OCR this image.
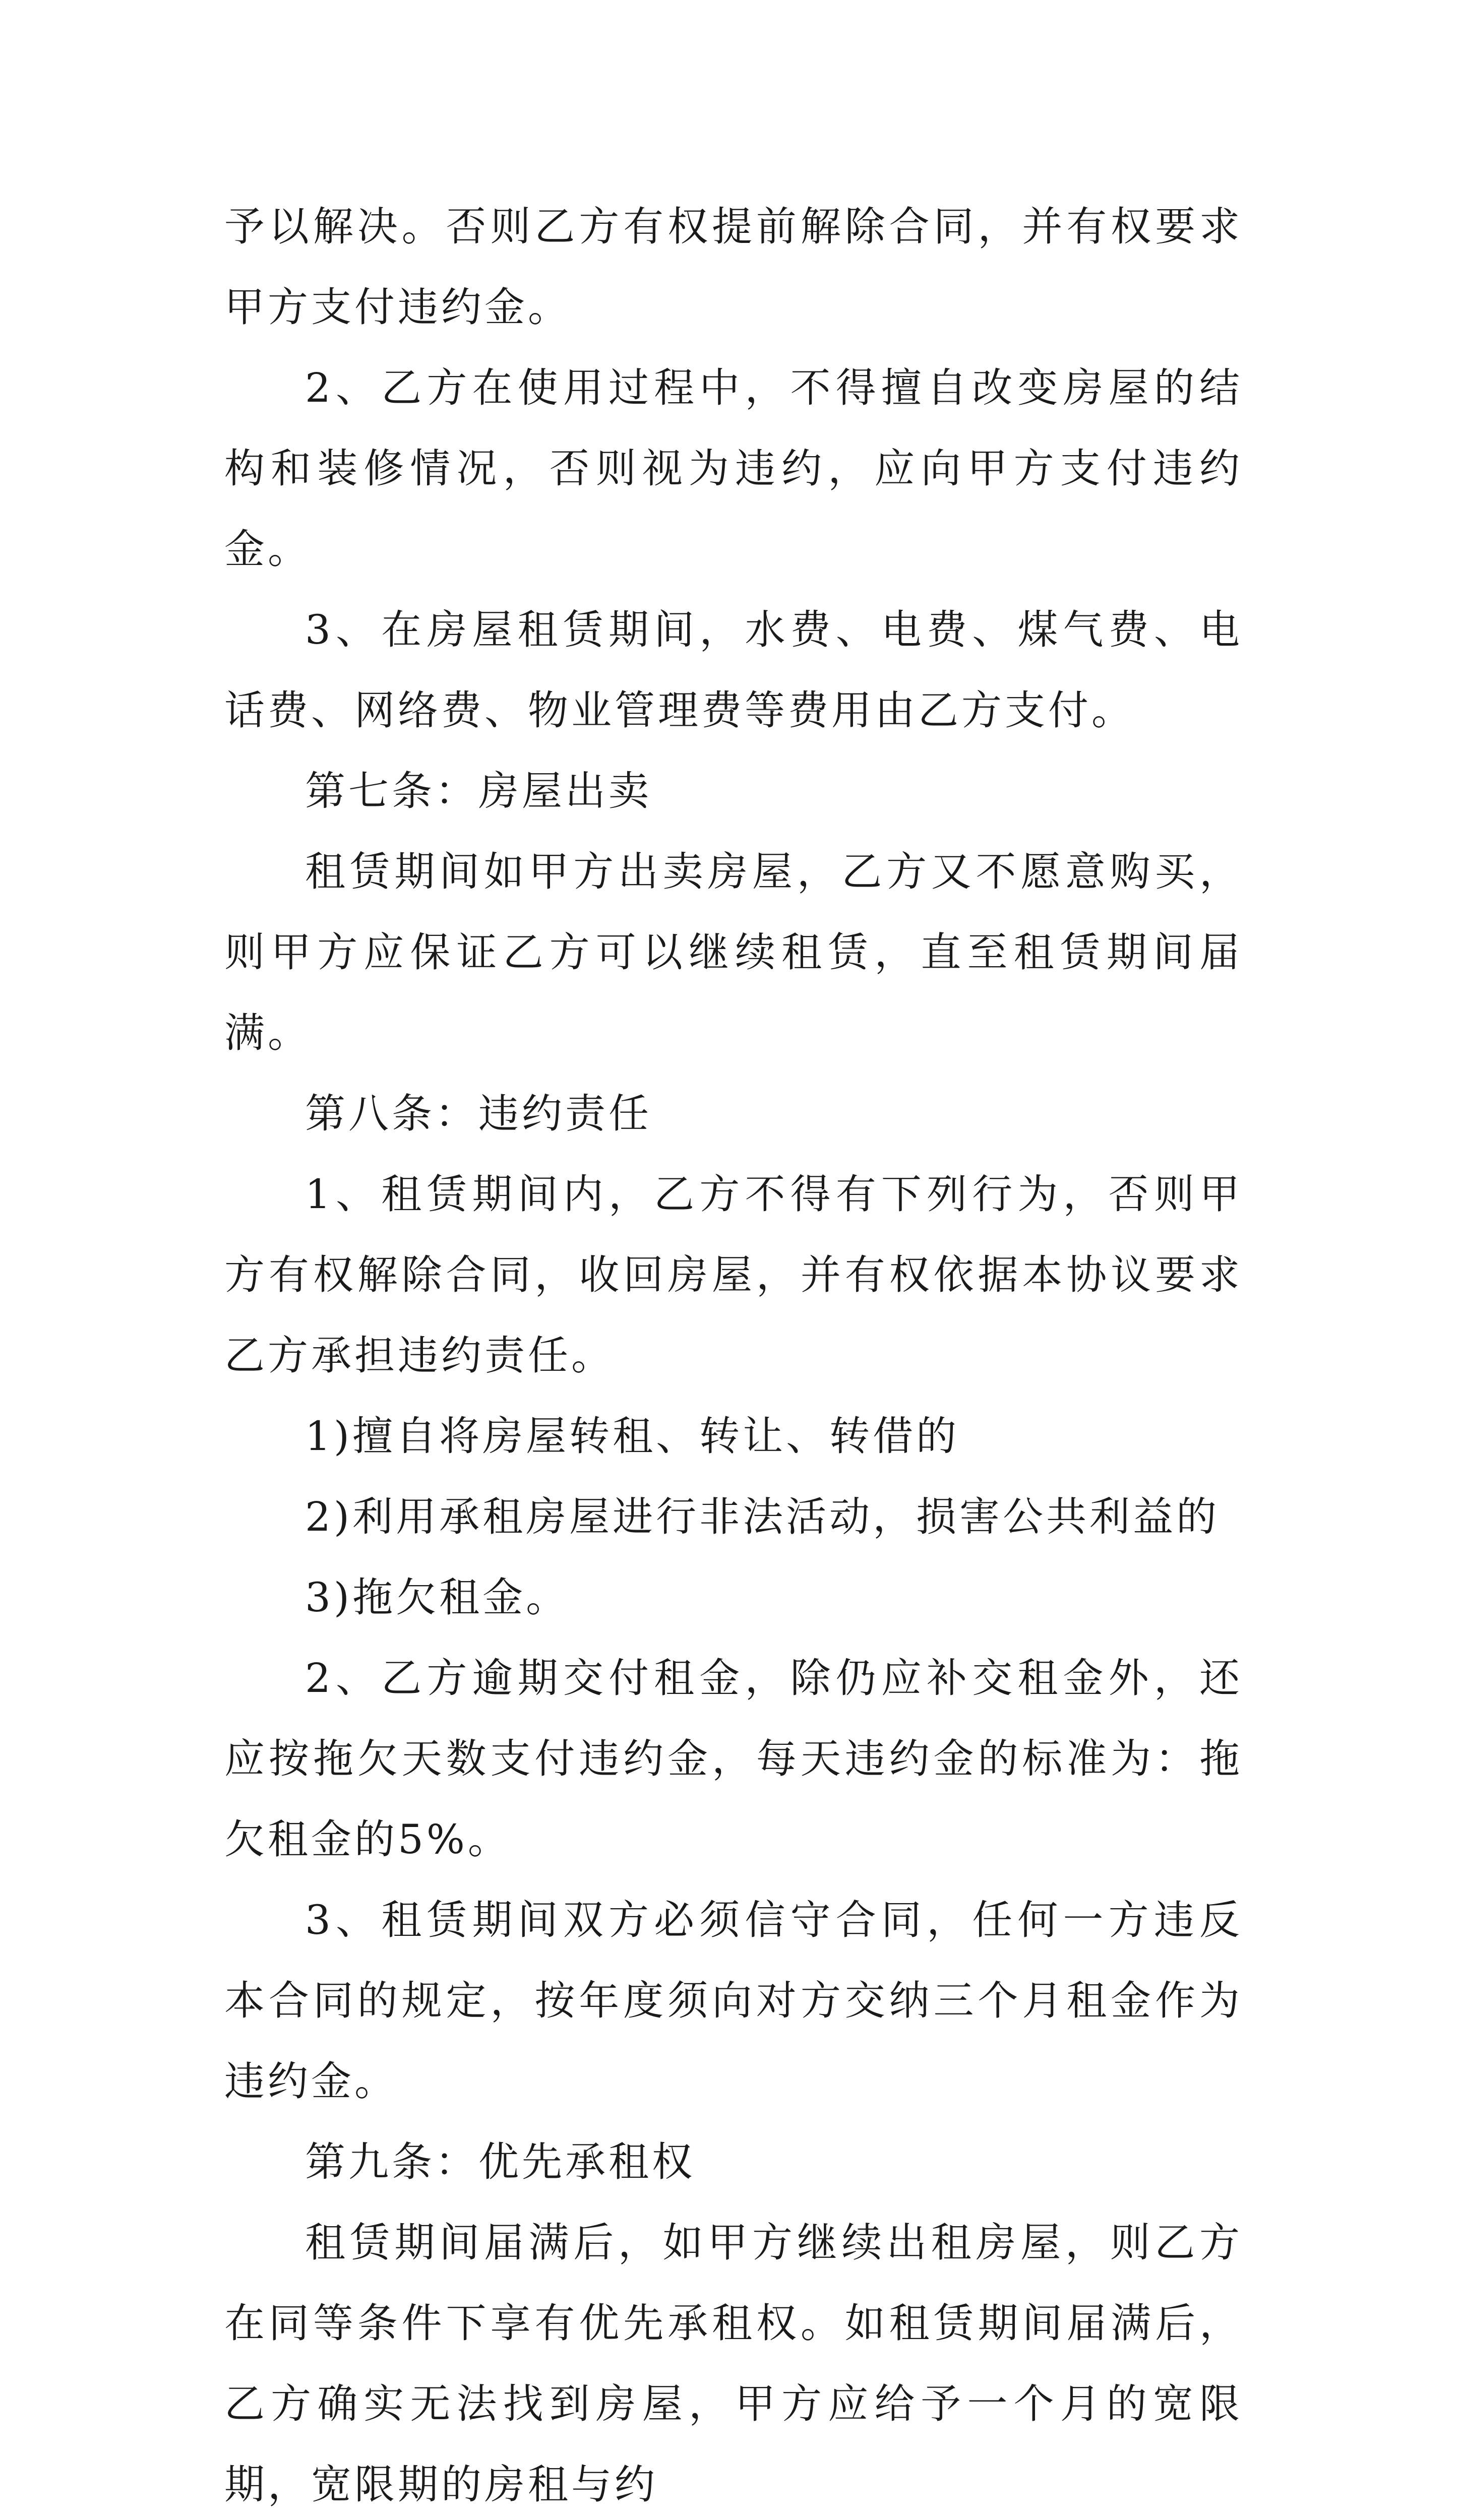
予以解决。否则乙方有权提前解除合同，并有权要求甲方支付违约金。

2、乙方在使用过程中，不得擅自改变房屋的结构和装修情况，否则视为违约，应向甲方支付违约金。

3、在房屋租赁期间，水费、电费、煤气费、电话费、网络费、物业管理费等费用由乙方支付。

第七条：房屋出卖

租赁期间如甲方出卖房屋，乙方又不愿意购买，则甲方应保证乙方可以继续租赁，直至租赁期间届满。

第八条：违约责任

1、租赁期间内，乙方不得有下列行为，否则甲方有权解除合同，收回房屋，并有权依据本协议要求乙方承担违约责任。

1)擅自将房屋转租、转让、转借的

2)利用承租房屋进行非法活动，损害公共利益的

3)拖欠租金。

2、乙方逾期交付租金，除仍应补交租金外，还应按拖欠天数支付违约金，每天违约金的标准为：拖欠租金的5%。

3、租赁期间双方必须信守合同，任何一方违反本合同的规定，按年度须向对方交纳三个月租金作为违约金。

第九条：优先承租权

租赁期间届满后，如甲方继续出租房屋，则乙方在同等条件下享有优先承租权。如租赁期间届满后，乙方确实无法找到房屋，甲方应给予一个月的宽限期，宽限期的房租与约
